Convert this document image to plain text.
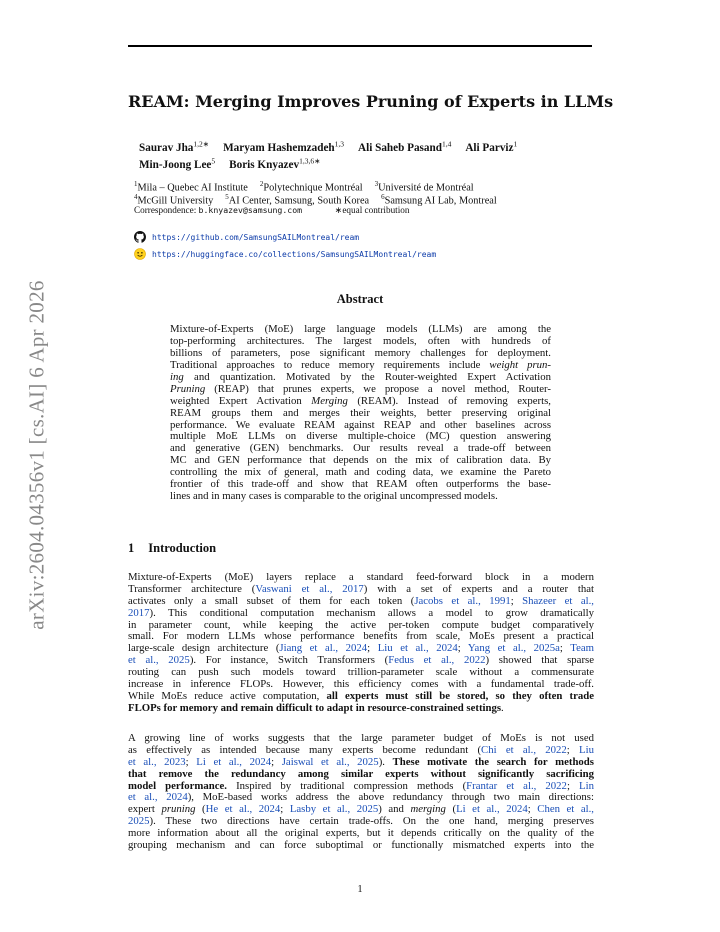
arXiv:2604.04356v1 [cs.AI] 6 Apr 2026
REAM: Merging Improves Pruning of Experts in LLMs
Saurav Jha$^{1,2∗}$ Maryam Hashemzadeh$^{1,3}$ Ali Saheb Pasand$^{1,4}$ Ali Parviz$^1$
Min-Joong Lee$^5$ Boris Knyazev$^{1,3,6∗}$
$^1$Mila – Quebec AI Institute $^2$Polytechnique Montréal $^3$Université de Montréal
$^4$McGill University $^5$AI Center, Samsung, South Korea $^6$Samsung AI Lab, Montreal
Correspondence: b.knyazev@samsung.com	∗equal contribution
https://github.com/SamsungSAILMontreal/ream
https://huggingface.co/collections/SamsungSAILMontreal/ream
Abstract
Mixture-of-Experts (MoE) large language models (LLMs) are among the
top-performing architectures. The largest models, often with hundreds of
billions of parameters, pose significant memory challenges for deployment.
Traditional approaches to reduce memory requirements include weight prun-
ing and quantization. Motivated by the Router-weighted Expert Activation
Pruning (REAP) that prunes experts, we propose a novel method, Router-
weighted Expert Activation Merging (REAM). Instead of removing experts,
REAM groups them and merges their weights, better preserving original
performance. We evaluate REAM against REAP and other baselines across
multiple MoE LLMs on diverse multiple-choice (MC) question answering
and generative (GEN) benchmarks. Our results reveal a trade-off between
MC and GEN performance that depends on the mix of calibration data. By
controlling the mix of general, math and coding data, we examine the Pareto
frontier of this trade-off and show that REAM often outperforms the base-
lines and in many cases is comparable to the original uncompressed models.
1 Introduction
Mixture-of-Experts (MoE) layers replace a standard feed-forward block in a modern
Transformer architecture (Vaswani et al., 2017) with a set of experts and a router that
activates only a small subset of them for each token (Jacobs et al., 1991; Shazeer et al.,
2017). This conditional computation mechanism allows a model to grow dramatically
in parameter count, while keeping the active per-token compute budget comparatively
small. For modern LLMs whose performance benefits from scale, MoEs present a practical
large-scale design architecture (Jiang et al., 2024; Liu et al., 2024; Yang et al., 2025a; Team
et al., 2025). For instance, Switch Transformers (Fedus et al., 2022) showed that sparse
routing can push such models toward trillion-parameter scale without a commensurate
increase in inference FLOPs. However, this efficiency comes with a fundamental trade-off.
While MoEs reduce active computation, all experts must still be stored, so they often trade
FLOPs for memory and remain difficult to adapt in resource-constrained settings.
A growing line of works suggests that the large parameter budget of MoEs is not used
as effectively as intended because many experts become redundant (Chi et al., 2022; Liu
et al., 2023; Li et al., 2024; Jaiswal et al., 2025). These motivate the search for methods
that remove the redundancy among similar experts without significantly sacrificing
model performance. Inspired by traditional compression methods (Frantar et al., 2022; Lin
et al., 2024), MoE-based works address the above redundancy through two main directions:
expert pruning (He et al., 2024; Lasby et al., 2025) and merging (Li et al., 2024; Chen et al.,
2025). These two directions have certain trade-offs. On the one hand, merging preserves
more information about all the original experts, but it depends critically on the quality of the
grouping mechanism and can force suboptimal or functionally mismatched experts into the
1
